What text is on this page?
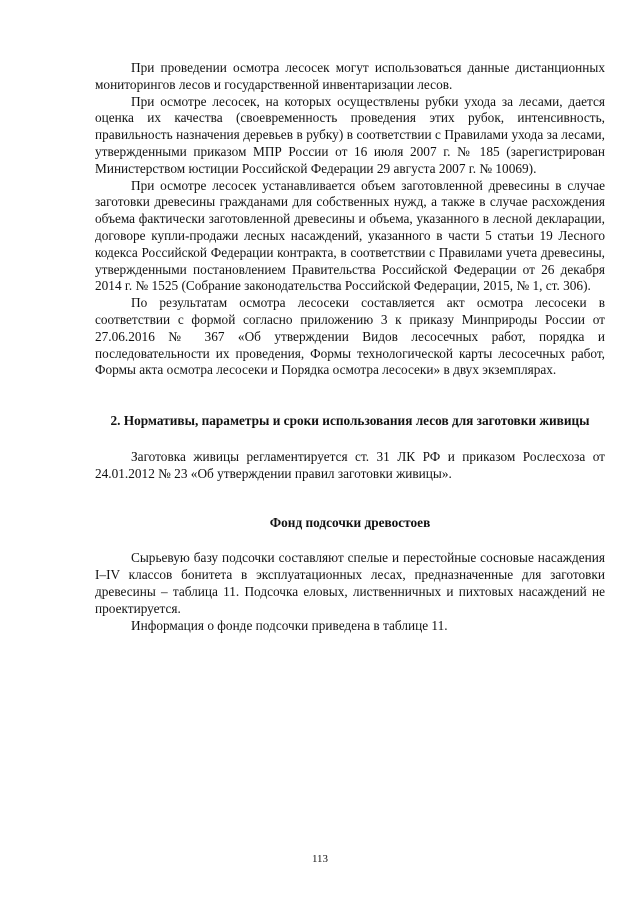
При проведении осмотра лесосек могут использоваться данные дистанционных мониторингов лесов и государственной инвентаризации лесов.

При осмотре лесосек, на которых осуществлены рубки ухода за лесами, дается оценка их качества (своевременность проведения этих рубок, интенсивность, правильность назначения деревьев в рубку) в соответствии с Правилами ухода за лесами, утвержденными приказом МПР России от 16 июля 2007 г. № 185 (зарегистрирован Министерством юстиции Российской Федерации 29 августа 2007 г. № 10069).

При осмотре лесосек устанавливается объем заготовленной древесины в случае заготовки древесины гражданами для собственных нужд, а также в случае расхождения объема фактически заготовленной древесины и объема, указанного в лесной декларации, договоре купли-продажи леcных насаждений, указанного в части 5 статьи 19 Лесного кодекса Российской Федерации контракта, в соответствии с Правилами учета древесины, утвержденными постановлением Правительства Российской Федерации от 26 декабря 2014 г. № 1525 (Собрание законодательства Российской Федерации, 2015, № 1, ст. 306).

По результатам осмотра лесосеки составляется акт осмотра лесосеки в соответствии с формой согласно приложению 3 к приказу Минприроды России от 27.06.2016 № 367 «Об утверждении Видов лесосечных работ, порядка и последовательности их проведения, Формы технологической карты лесосечных работ, Формы акта осмотра лесосеки и Порядка осмотра лесосеки» в двух экземплярах.

2. Нормативы, параметры и сроки использования лесов для заготовки живицы

Заготовка живицы регламентируется ст. 31 ЛК РФ и приказом Рослесхоза от 24.01.2012 № 23 «Об утверждении правил заготовки живицы».

Фонд подсочки древостоев

Сырьевую базу подсочки составляют спелые и перестойные сосновые насаждения I–IV классов бонитета в эксплуатационных лесах, предназначенные для заготовки древесины – таблица 11. Подсочка еловых, лиственничных и пихтовых насаждений не проектируется.

Информация о фонде подсочки приведена в таблице 11.

113
